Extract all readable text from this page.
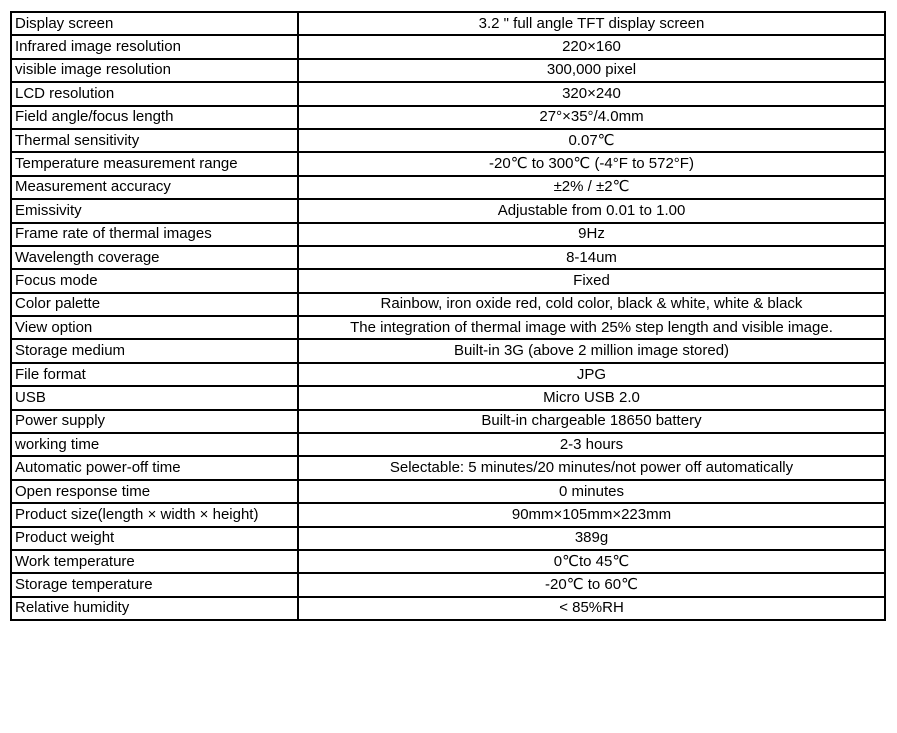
Display screen	3.2 " full angle TFT display screen
Infrared image resolution	220×160
visible image resolution	300,000 pixel
LCD resolution	320×240
Field angle/focus length	27°×35°/4.0mm
Thermal sensitivity	0.07℃
Temperature measurement range	-20℃ to 300℃ (-4°F to 572°F)
Measurement accuracy	±2% / ±2℃
Emissivity	Adjustable from 0.01 to 1.00
Frame rate of thermal images	9Hz
Wavelength coverage	8-14um
Focus mode	Fixed
Color palette	Rainbow, iron oxide red, cold color, black & white, white & black
View option	The integration of thermal image with 25% step length and visible image.
Storage medium	Built-in 3G (above 2 million image stored)
File format	JPG
USB	Micro USB 2.0
Power supply	Built-in chargeable 18650 battery
working time	2-3 hours
Automatic power-off time	Selectable: 5 minutes/20 minutes/not power off automatically
Open response time	0 minutes
Product size(length × width × height)	90mm×105mm×223mm
Product weight	389g
Work temperature	0℃to 45℃
Storage temperature	-20℃ to 60℃
Relative humidity	< 85%RH
